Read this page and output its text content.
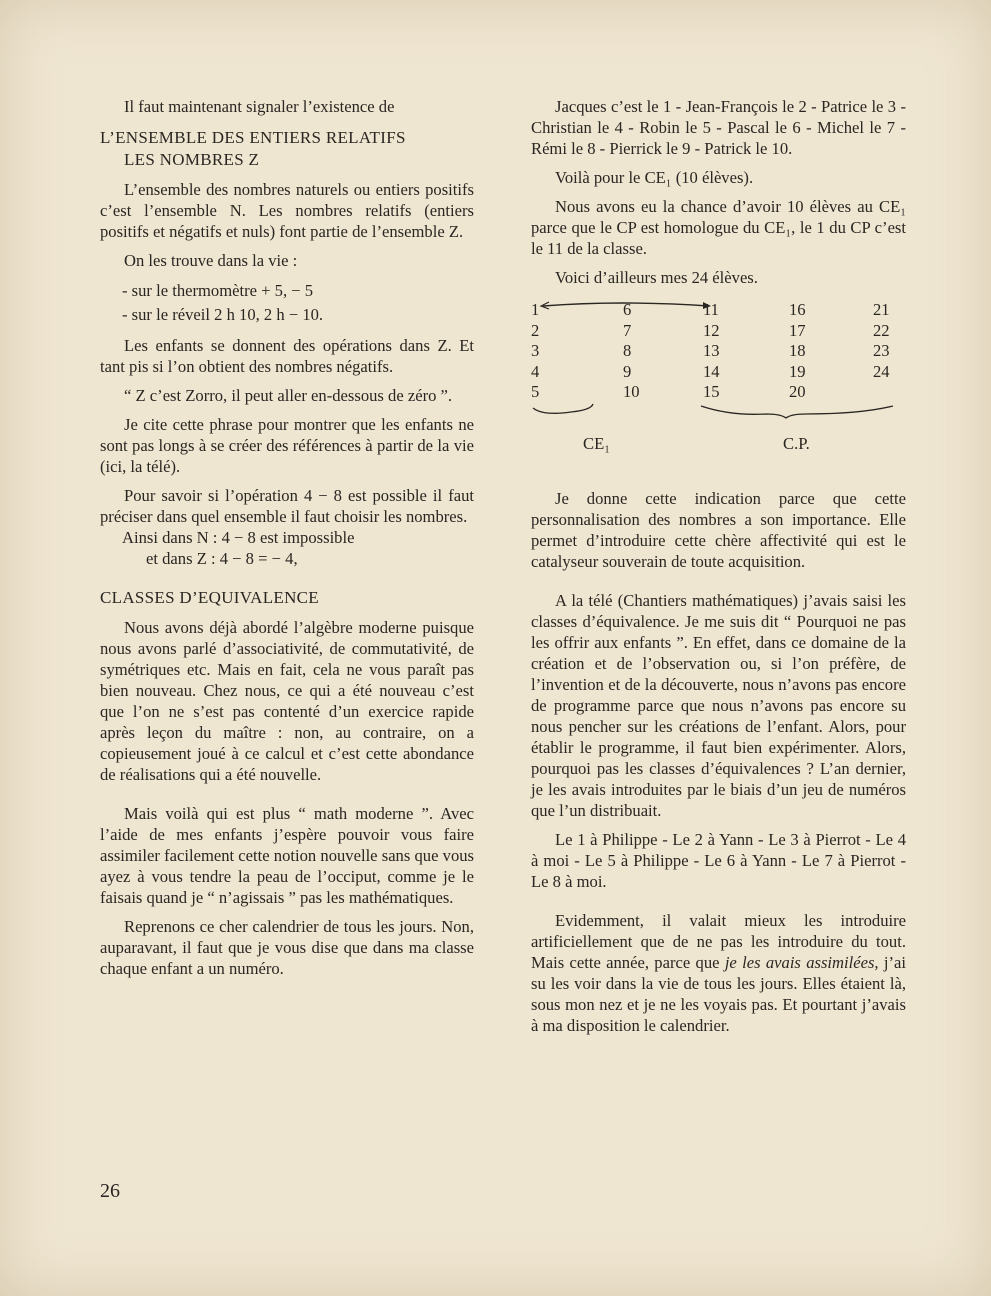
Il faut maintenant signaler l’existence de

L’ENSEMBLE DES ENTIERS RELATIFS
LES NOMBRES Z

L’ensemble des nombres naturels ou entiers positifs c’est l’ensemble N. Les nombres relatifs (entiers positifs et négatifs et nuls) font partie de l’ensemble Z.

On les trouve dans la vie :

- sur le thermomètre + 5, − 5
- sur le réveil 2 h 10, 2 h − 10.

Les enfants se donnent des opérations dans Z. Et tant pis si l’on obtient des nombres négatifs.

“ Z c’est Zorro, il peut aller en-dessous de zéro ”.

Je cite cette phrase pour montrer que les enfants ne sont pas longs à se créer des références à partir de la vie (ici, la télé).

Pour savoir si l’opération 4 − 8 est possible il faut préciser dans quel ensemble il faut choisir les nombres.

Ainsi dans N : 4 − 8 est impossible
et dans Z : 4 − 8 = − 4,
CLASSES D’EQUIVALENCE

Nous avons déjà abordé l’algèbre moderne puisque nous avons parlé d’associativité, de commutativité, de symétriques etc. Mais en fait, cela ne vous paraît pas bien nouveau. Chez nous, ce qui a été nouveau c’est que l’on ne s’est pas contenté d’un exercice rapide après leçon du maître : non, au contraire, on a copieusement joué à ce calcul et c’est cette abondance de réalisations qui a été nouvelle.

Mais voilà qui est plus “ math moderne ”. Avec l’aide de mes enfants j’espère pouvoir vous faire assimiler facilement cette notion nouvelle sans que vous ayez à vous tendre la peau de l’occiput, comme je le faisais quand je “ n’agissais ” pas les mathématiques.

Reprenons ce cher calendrier de tous les jours. Non, auparavant, il faut que je vous dise que dans ma classe chaque enfant a un numéro.

Jacques c’est le 1 - Jean-François le 2 - Patrice le 3 - Christian le 4 - Robin le 5 - Pascal le 6 - Michel le 7 - Rémi le 8 - Pierrick le 9 - Patrick le 10.

Voilà pour le CE₁ (10 élèves).

Nous avons eu la chance d’avoir 10 élèves au CE₁ parce que le CP est homologue du CE₁, le 1 du CP c’est le 11 de la classe.

Voici d’ailleurs mes 24 élèves.

1
2
3
4
5
6
7
8
9
10
11
12
13
14
15
16
17
18
19
20
21
22
23
24
CE₁	C.P.

Je donne cette indication parce que cette personnalisation des nombres a son importance. Elle permet d’introduire cette chère affectivité qui est le catalyseur souverain de toute acquisition.

A la télé (Chantiers mathématiques) j’avais saisi les classes d’équivalence. Je me suis dit “ Pourquoi ne pas les offrir aux enfants ”. En effet, dans ce domaine de la création et de l’observation ou, si l’on préfère, de l’invention et de la découverte, nous n’avons pas encore de programme parce que nous n’avons pas encore su nous pencher sur les créations de l’enfant. Alors, pour établir le programme, il faut bien expérimenter. Alors, pourquoi pas les classes d’équivalences ? L’an dernier, je les avais introduites par le biais d’un jeu de numéros que l’un distribuait.

Le 1 à Philippe - Le 2 à Yann - Le 3 à Pierrot - Le 4 à moi - Le 5 à Philippe - Le 6 à Yann - Le 7 à Pierrot - Le 8 à moi.

Evidemment, il valait mieux les introduire artificiellement que de ne pas les introduire du tout. Mais cette année, parce que je les avais assimilées, j’ai su les voir dans la vie de tous les jours. Elles étaient là, sous mon nez et je ne les voyais pas. Et pourtant j’avais à ma disposition le calendrier.

26
